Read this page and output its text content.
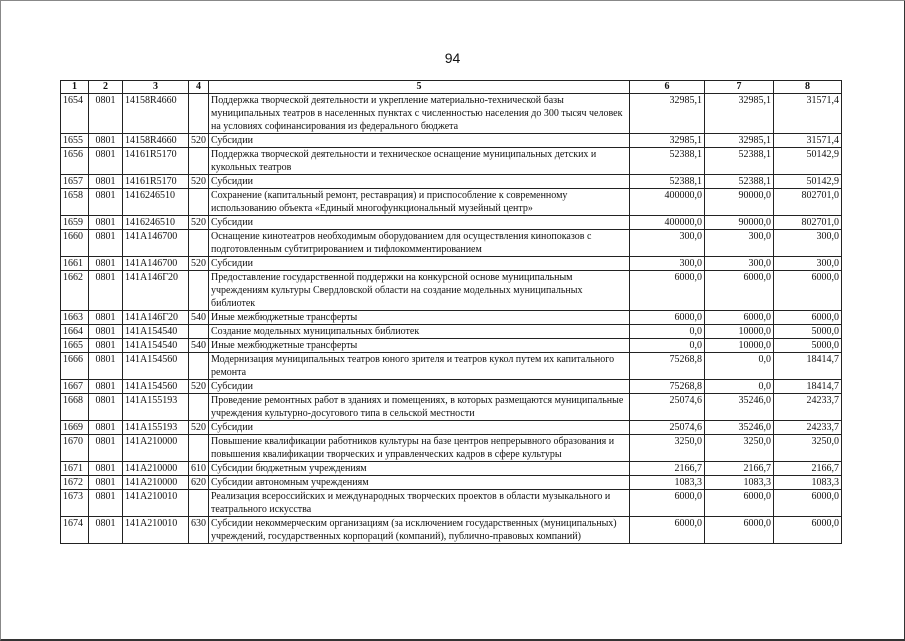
94
1	2	3	4	5	6	7	8
1654	0801	14158R4660		Поддержка творческой деятельности и укрепление материально-технической базы муниципальных театров в населенных пунктах с численностью населения до 300 тысяч человек на условиях софинансирования из федерального бюджета	32985,1	32985,1	31571,4
1655	0801	14158R4660	520	Субсидии	32985,1	32985,1	31571,4
1656	0801	14161R5170		Поддержка творческой деятельности и техническое оснащение муниципальных детских и кукольных театров	52388,1	52388,1	50142,9
1657	0801	14161R5170	520	Субсидии	52388,1	52388,1	50142,9
1658	0801	1416246510		Сохранение (капитальный ремонт, реставрация) и приспособление к современному использованию объекта «Единый многофункциональный музейный центр»	400000,0	90000,0	802701,0
1659	0801	1416246510	520	Субсидии	400000,0	90000,0	802701,0
1660	0801	141A146700		Оснащение кинотеатров необходимым оборудованием для осуществления кинопоказов с подготовленным субтитрированием и тифлокомментированием	300,0	300,0	300,0
1661	0801	141A146700	520	Субсидии	300,0	300,0	300,0
1662	0801	141A146Г20		Предоставление государственной поддержки на конкурсной основе муниципальным учреждениям культуры Свердловской области на создание модельных муниципальных библиотек	6000,0	6000,0	6000,0
1663	0801	141A146Г20	540	Иные межбюджетные трансферты	6000,0	6000,0	6000,0
1664	0801	141A154540		Создание модельных муниципальных библиотек	0,0	10000,0	5000,0
1665	0801	141A154540	540	Иные межбюджетные трансферты	0,0	10000,0	5000,0
1666	0801	141A154560		Модернизация муниципальных театров юного зрителя и театров кукол путем их капитального ремонта	75268,8	0,0	18414,7
1667	0801	141A154560	520	Субсидии	75268,8	0,0	18414,7
1668	0801	141A155193		Проведение ремонтных работ в зданиях и помещениях, в которых размещаются муниципальные учреждения культурно-досугового типа в сельской местности	25074,6	35246,0	24233,7
1669	0801	141A155193	520	Субсидии	25074,6	35246,0	24233,7
1670	0801	141A210000		Повышение квалификации работников культуры на базе центров непрерывного образования и повышения квалификации творческих и управленческих кадров в сфере культуры	3250,0	3250,0	3250,0
1671	0801	141A210000	610	Субсидии бюджетным учреждениям	2166,7	2166,7	2166,7
1672	0801	141A210000	620	Субсидии автономным учреждениям	1083,3	1083,3	1083,3
1673	0801	141A210010		Реализация всероссийских и международных творческих проектов в области музыкального и театрального искусства	6000,0	6000,0	6000,0
1674	0801	141A210010	630	Субсидии некоммерческим организациям (за исключением государственных (муниципальных) учреждений, государственных корпораций (компаний), публично-правовых компаний)	6000,0	6000,0	6000,0
